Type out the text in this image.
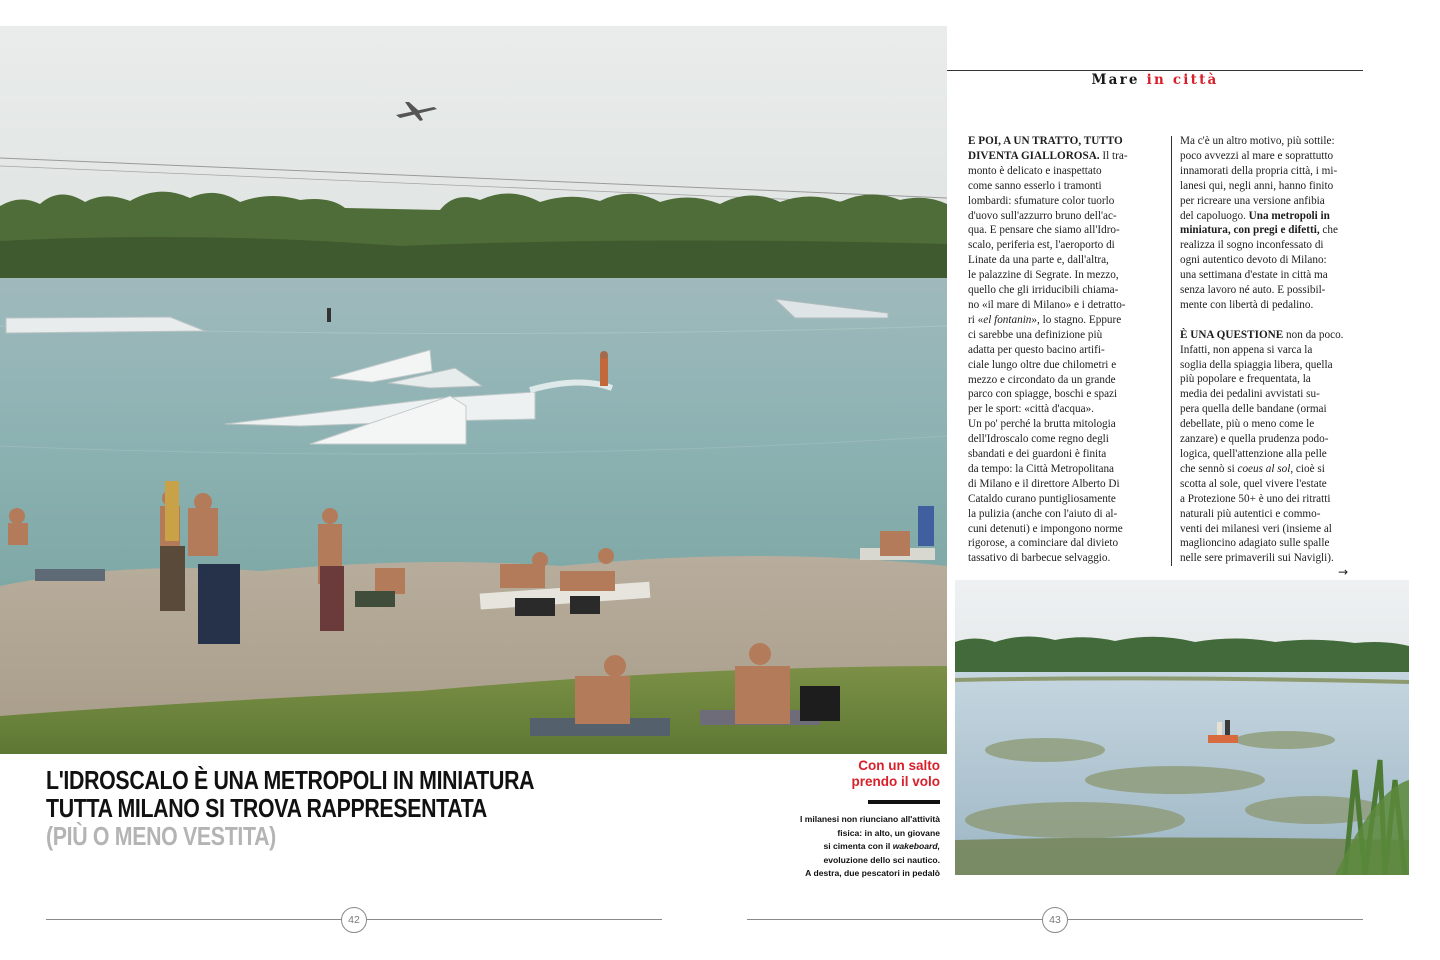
L'IDROSCALO È UNA METROPOLI IN MINIATURA
TUTTA MILANO SI TROVA RAPPRESENTATA
(PIÙ O MENO VESTITA)
Con un salto
prendo il volo
I milanesi non riunciano all'attività
fisica: in alto, un giovane
si cimenta con il wakeboard,
evoluzione dello sci nautico.
A destra, due pescatori in pedalò
Mare in città
E POI, A UN TRATTO, TUTTO
DIVENTA GIALLOROSA. Il tra-
monto è delicato e inaspettato
come sanno esserlo i tramonti
lombardi: sfumature color tuorlo
d'uovo sull'azzurro bruno dell'ac-
qua. E pensare che siamo all'Idro-
scalo, periferia est, l'aeroporto di
Linate da una parte e, dall'altra,
le palazzine di Segrate. In mezzo,
quello che gli irriducibili chiama-
no «il mare di Milano» e i detratto-
ri «el fontanin», lo stagno. Eppure
ci sarebbe una definizione più
adatta per questo bacino artifi-
ciale lungo oltre due chilometri e
mezzo e circondato da un grande
parco con spiagge, boschi e spazi
per le sport: «città d'acqua».
Un po' perché la brutta mitologia
dell'Idroscalo come regno degli
sbandati e dei guardoni è finita
da tempo: la Città Metropolitana
di Milano e il direttore Alberto Di
Cataldo curano puntigliosamente
la pulizia (anche con l'aiuto di al-
cuni detenuti) e impongono norme
rigorose, a cominciare dal divieto
tassativo di barbecue selvaggio.
Ma c'è un altro motivo, più sottile:
poco avvezzi al mare e soprattutto
innamorati della propria città, i mi-
lanesi qui, negli anni, hanno finito
per ricreare una versione anfibia
del capoluogo. Una metropoli in
miniatura, con pregi e difetti, che
realizza il sogno inconfessato di
ogni autentico devoto di Milano:
una settimana d'estate in città ma
senza lavoro né auto. E possibil-
mente con libertà di pedalino.
È UNA QUESTIONE non da poco.
Infatti, non appena si varca la
soglia della spiaggia libera, quella
più popolare e frequentata, la
media dei pedalini avvistati su-
pera quella delle bandane (ormai
debellate, più o meno come le
zanzare) e quella prudenza podo-
logica, quell'attenzione alla pelle
che sennò si coeus al sol, cioè si
scotta al sole, quel vivere l'estate
a Protezione 50+ è uno dei ritratti
naturali più autentici e commo-
venti dei milanesi veri (insieme al
maglioncino adagiato sulle spalle
nelle sere primaverili sui Navigli).
→
42	43
